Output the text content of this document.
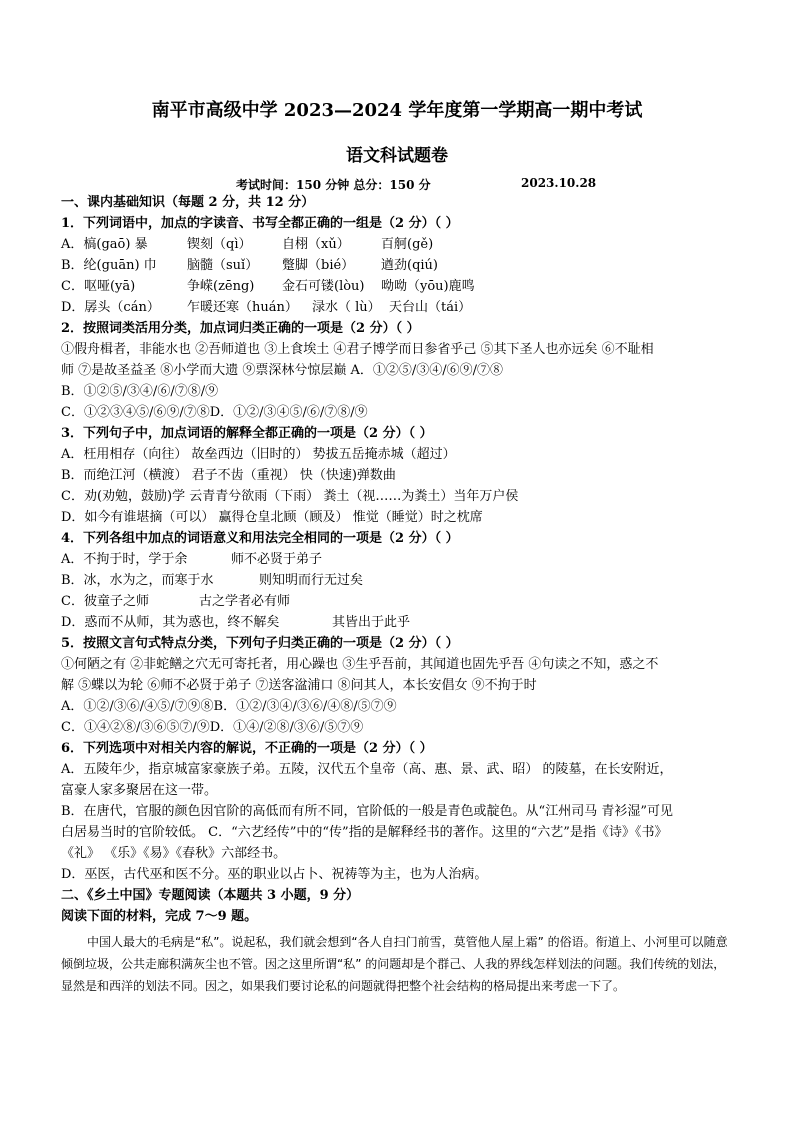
南平市高级中学 2023—2024 学年度第一学期高一期中考试
语文科试题卷
考试时间：150 分钟 总分：150 分	2023.10.28
一、课内基础知识（每题 2 分，共 12 分）
1．下列词语中，加点的字读音、书写全都正确的一组是（2 分）（ ）
A．槁(gaō) 暴	锲刻（qì） 自栩（xǔ） 百舸(gě)
B．纶(guān) 巾 脑髓（suǐ） 蹩脚（bié） 遒劲(qiú)
C．呕哑(yā)	争嵘(zēng) 金石可镂(lòu) 呦呦（yōu)鹿鸣
D．孱头（cán） 乍暖还寒（huán） 渌水（ lù） 天台山（tái）
2．按照词类活用分类，加点词归类正确的一项是（2 分）（ ）
①假舟楫者，非能水也 ②吾师道也 ③上食埃土 ④君子博学而日参省乎己 ⑤其下圣人也亦远矣 ⑥不耻相
师 ⑦是故圣益圣 ⑧小学而大遗 ⑨票深林兮惊层巅 A．①②⑤/③④/⑥⑨/⑦⑧
B．①②⑤/③④/⑥/⑦⑧/⑨
C．①②③④⑤/⑥⑨/⑦⑧D．①②/③④⑤/⑥/⑦⑧/⑨
3．下列句子中，加点词语的解释全都正确的一项是（2 分）（ ）
A．枉用相存（向往） 故垒西边（旧时的） 势拔五岳掩赤城（超过）
B．而绝江河（横渡） 君子不齿（重视） 快（快速)弹数曲
C．劝(劝勉，鼓励)学 云青青兮欲雨（下雨） 粪土（视……为粪土）当年万户侯
D．如今有谁堪摘（可以） 赢得仓皇北顾（顾及） 惟觉（睡觉）时之枕席
4．下列各组中加点的词语意义和用法完全相同的一项是（2 分）（ ）
A．不拘于时，学于余	师不必贤于弟子
B．冰，水为之，而寒于水	则知明而行无过矣
C．彼童子之师	古之学者必有师
D．惑而不从师，其为惑也，终不解矣	其皆出于此乎
5．按照文言句式特点分类，下列句子归类正确的一项是（2 分）（ ）
①何陋之有 ②非蛇鳝之穴无可寄托者，用心躁也 ③生乎吾前，其闻道也固先乎吾 ④句读之不知，惑之不
解 ⑤蝶以为轮 ⑥师不必贤于弟子 ⑦送客湓浦口 ⑧问其人，本长安倡女 ⑨不拘于时
A．①②/③⑥/④⑤/⑦⑨⑧B．①②/③④/③⑥/④⑧/⑤⑦⑨
C．①④②⑧/③⑥⑤⑦/⑨D．①④/②⑧/③⑥/⑤⑦⑨
6．下列选项中对相关内容的解说，不正确的一项是（2 分）（ ）
A．五陵年少，指京城富家豪族子弟。五陵，汉代五个皇帝（高、惠、景、武、昭） 的陵墓，在长安附近，
富豪人家多聚居在这一带。
B．在唐代，官服的颜色因官阶的高低而有所不同，官阶低的一般是青色或靛色。从“江州司马 青衫湿”可见
白居易当时的官阶较低。 C．“六艺经传”中的“传”指的是解释经书的著作。这里的“六艺”是指《诗》《书》
《礼》 《乐》《易》《春秋》六部经书。
D．巫医，古代巫和医不分。巫的职业以占卜、祝祷等为主，也为人治病。
二、《乡土中国》专题阅读（本题共 3 小题，9 分）
阅读下面的材料，完成 7～9 题。

中国人最大的毛病是“私”。说起私，我们就会想到“各人自扫门前雪，莫管他人屋上霜” 的俗语。衔道上、小河里可以随意倾倒垃圾，公共走廊积满灰尘也不管。因之这里所谓“私” 的问题却是个群己、人我的界线怎样划法的问题。我们传统的划法，显然是和西洋的划法不同。因之，如果我们要讨论私的问题就得把整个社会结构的格局提出来考虑一下了。
